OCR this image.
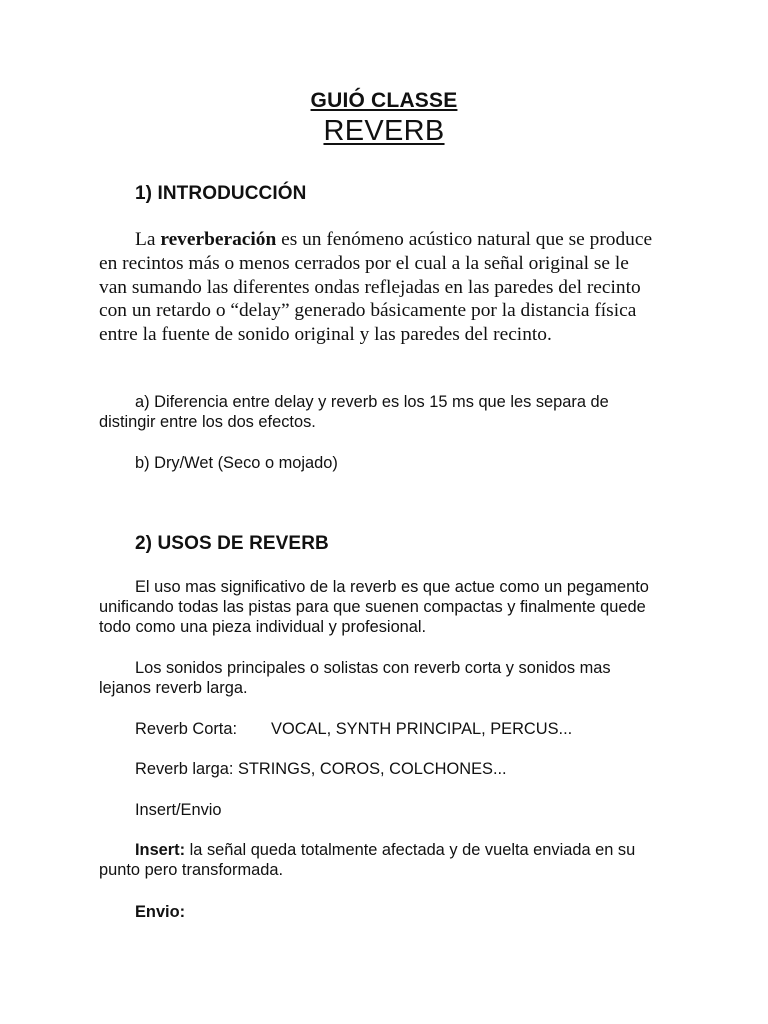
GUIÓ CLASSE
REVERB
1) INTRODUCCIÓN

La reverberación es un fenómeno acústico natural que se produce en recintos más o menos cerrados por el cual a la señal original se le van sumando las diferentes ondas reflejadas en las paredes del recinto con un retardo o “delay” generado básicamente por la distancia física entre la fuente de sonido original y las paredes del recinto.

a) Diferencia entre delay y reverb es los 15 ms que les separa de distingir entre los dos efectos.

b) Dry/Wet (Seco o mojado)

2) USOS DE REVERB

El uso mas significativo de la reverb es que actue como un pegamento unificando todas las pistas para que suenen compactas y finalmente quede todo como una pieza individual y profesional.

Los sonidos principales o solistas con reverb corta y sonidos mas lejanos reverb larga.

Reverb Corta: VOCAL, SYNTH PRINCIPAL, PERCUS...

Reverb larga: STRINGS, COROS, COLCHONES...

Insert/Envio

Insert: la señal queda totalmente afectada y de vuelta enviada en su punto pero transformada.

Envio:
